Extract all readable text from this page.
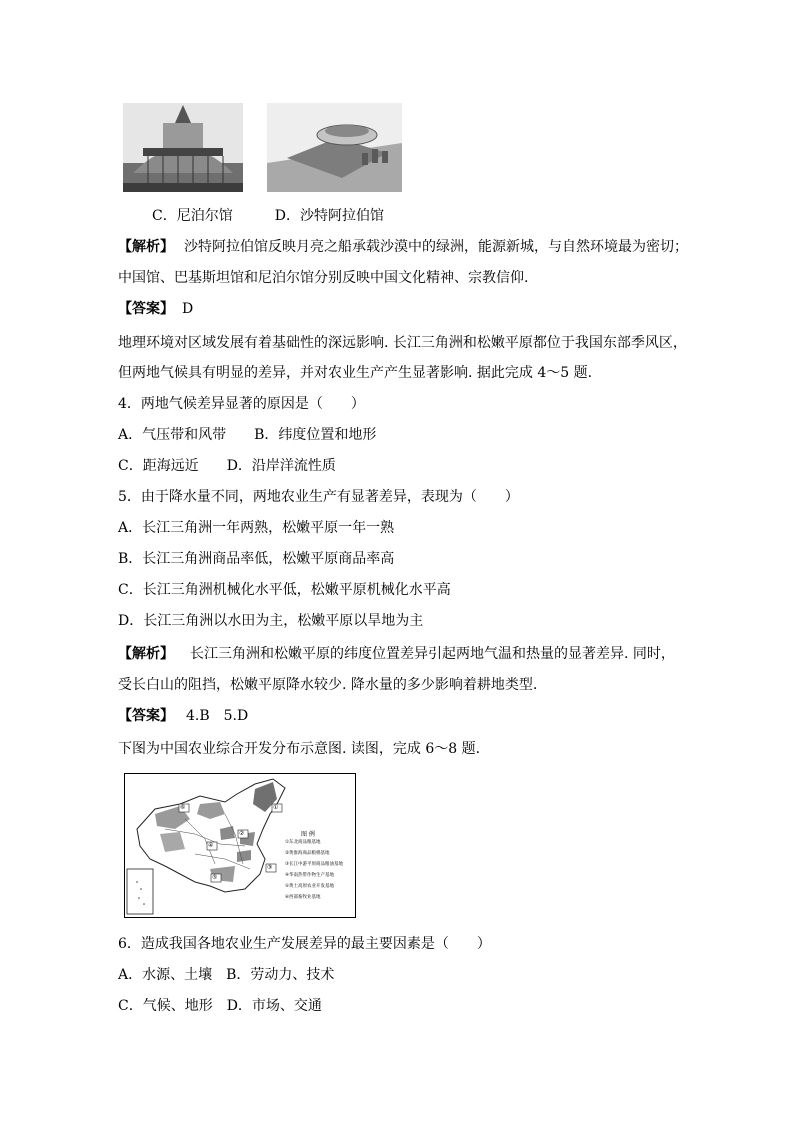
C．尼泊尔馆	D．沙特阿拉伯馆
【解析】 沙特阿拉伯馆反映月亮之船承载沙漠中的绿洲，能源新城，与自然环境最为密切；
中国馆、巴基斯坦馆和尼泊尔馆分别反映中国文化精神、宗教信仰.
【答案】 D
地理环境对区域发展有着基础性的深远影响. 长江三角洲和松嫩平原都位于我国东部季风区，
但两地气候具有明显的差异，并对农业生产产生显著影响. 据此完成 4～5 题.
4．两地气候差异显著的原因是（　　）
A．气压带和风带　　B．纬度位置和地形
C．距海远近　　D．沿岸洋流性质
5．由于降水量不同，两地农业生产有显著差异，表现为（　　）
A．长江三角洲一年两熟，松嫩平原一年一熟
B．长江三角洲商品率低，松嫩平原商品率高
C．长江三角洲机械化水平低，松嫩平原机械化水平高
D．长江三角洲以水田为主，松嫩平原以旱地为主
【解析】 长江三角洲和松嫩平原的纬度位置差异引起两地气温和热量的显著差异. 同时，
受长白山的阻挡，松嫩平原降水较少. 降水量的多少影响着耕地类型.
【答案】 4.B　5.D
下图为中国农业综合开发分布示意图. 读图，完成 6～8 题.
①
②
③
④
⑤
⑥
图 例
①东北商品粮基地
②黄淮海商品粮棉基地
③长江中游平原商品粮油基地
④华南热带作物生产基地
⑤黄土高原农业开发基地
⑥西部畜牧业基地
6．造成我国各地农业生产发展差异的最主要因素是（　　）
A．水源、土壤　B．劳动力、技术
C．气候、地形　D．市场、交通
